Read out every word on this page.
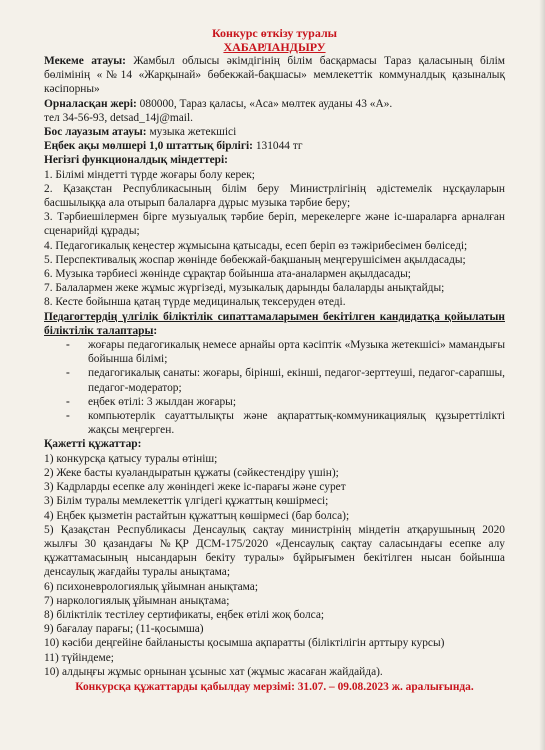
Конкурс өткізу туралы
ХАБАРЛАНДЫРУ

Мекеме атауы: Жамбыл облысы әкімдігінің білім басқармасы Тараз қаласының білім бөлімінің «№14 «Жарқынай» бөбекжай-бақшасы» мемлекеттік коммуналдық қазыналық кәсіпорны»

Орналасқан жері: 080000, Тараз қаласы, «Аса» мөлтек ауданы 43 «А».

тел 34-56-93, detsad_14j@mail.

Бос лауазым атауы: музыка жетекшісі

Еңбек ақы мөлшері 1,0 штаттық бірлігі: 131044 тг

Негізгі функционалдық міндеттері:

1. Білімі міндетті түрде жоғары болу керек;

2. Қазақстан Республикасының білім беру Министрлігінің әдістемелік нұсқауларын басшылыққа ала отырып балаларға дұрыс музыка тәрбие беру;

3. Тәрбиешілермен бірге музыуалық тәрбие беріп, мерекелерге және іс-шараларға арналған сценарийді құрады;

4. Педагогикалық кеңестер жұмысына қатысады, есеп беріп өз тәжірибесімен бөліседі;

5. Перспективалық жоспар жөнінде бөбекжай-бақшаның меңгерушісімен ақылдасады;

6. Музыка тәрбиесі жөнінде сұрақтар бойынша ата-аналармен ақылдасады;

7. Балалармен жеке жұмыс жүргізеді, музыкалық дарынды балаларды анықтайды;

8. Кесте бойынша қатаң түрде медициналық тексеруден өтеді.

Педагогтердің үлгілік біліктілік сипаттамаларымен бекітілген кандидатқа қойылатын біліктілік талаптары:

- жоғары педагогикалық немесе арнайы орта кәсіптік «Музыка жетекшісі» мамандығы бойынша білімі;
- педагогикалық санаты: жоғары, бірінші, екінші, педагог-зерттеуші, педагог-сарапшы, педагог-модератор;
- еңбек өтілі: 3 жылдан жоғары;
- компьютерлік сауаттылықты және ақпараттық-коммуникациялық құзыреттілікті жақсы меңгерген.

Қажетті құжаттар:

1) конкурсқа қатысу туралы өтініш;

2) Жеке басты куәландыратын құжаты (сәйкестендіру үшін);

3) Кадрларды есепке алу жөніндегі жеке іс-парағы және сурет

3) Білім туралы мемлекеттік үлгідегі құжаттың көшірмесі;

4) Еңбек қызметін растайтын құжаттың көшірмесі (бар болса);

5) Қазақстан Республикасы Денсаулық сақтау министрінің міндетін атқарушының 2020 жылғы 30 қазандағы №ҚР ДСМ-175/2020 «Денсаулық сақтау саласындағы есепке алу құжаттамасының нысандарын бекіту туралы» бұйрығымен бекітілген нысан бойынша денсаулық жағдайы туралы анықтама;

6) психоневрологиялық ұйымнан анықтама;

7) наркологиялық ұйымнан анықтама;

8) біліктілік тестілеу сертификаты, еңбек өтілі жоқ болса;

9) бағалау парағы; (11-қосымша)

10) кәсіби деңгейіне байланысты қосымша ақпаратты (біліктілігін арттыру курсы)

11) түйіндеме;

10) алдыңғы жұмыс орнынан ұсыныс хат (жұмыс жасаған жайдайда).

Конкурсқа құжаттарды қабылдау мерзімі: 31.07. – 09.08.2023 ж. аралығында.
